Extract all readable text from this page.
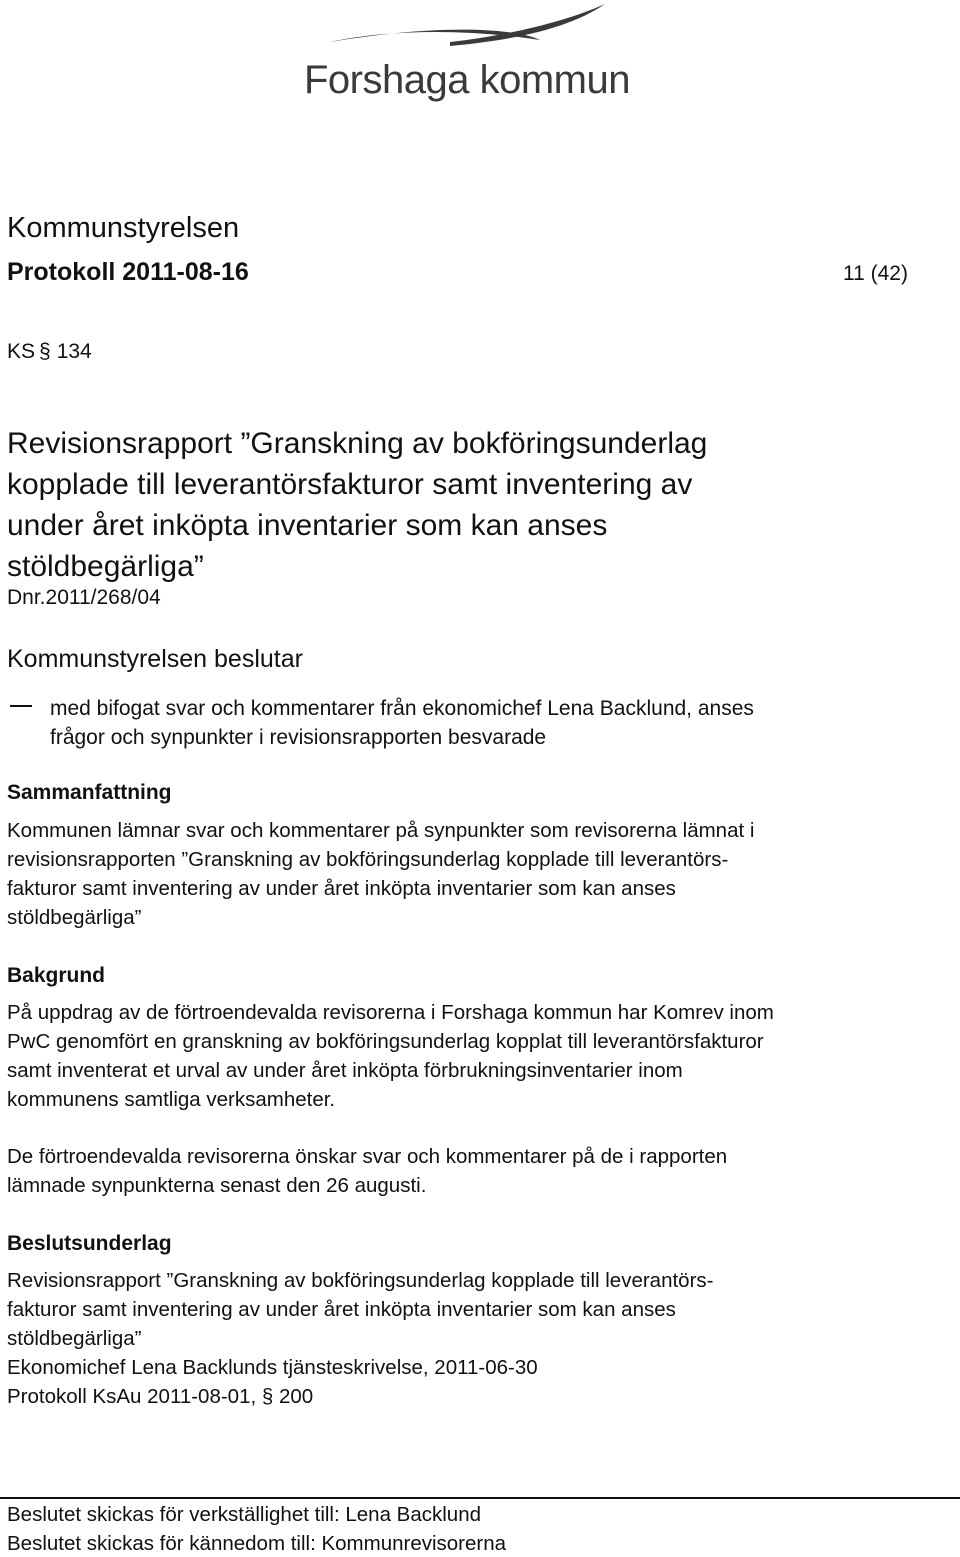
Forshaga kommun
Kommunstyrelsen
Protokoll 2011-08-16	11 (42)
KS § 134
Revisionsrapport ”Granskning av bokföringsunderlag
kopplade till leverantörsfakturor samt inventering av
under året inköpta inventarier som kan anses
stöldbegärliga”
Dnr.2011/268/04
Kommunstyrelsen beslutar
med bifogat svar och kommentarer från ekonomichef Lena Backlund, anses
frågor och synpunkter i revisionsrapporten besvarade
Sammanfattning
Kommunen lämnar svar och kommentarer på synpunkter som revisorerna lämnat i
revisionsrapporten ”Granskning av bokföringsunderlag kopplade till leverantörs-
fakturor samt inventering av under året inköpta inventarier som kan anses
stöldbegärliga”
Bakgrund
På uppdrag av de förtroendevalda revisorerna i Forshaga kommun har Komrev inom
PwC genomfört en granskning av bokföringsunderlag kopplat till leverantörsfakturor
samt inventerat et urval av under året inköpta förbrukningsinventarier inom
kommunens samtliga verksamheter.
De förtroendevalda revisorerna önskar svar och kommentarer på de i rapporten
lämnade synpunkterna senast den 26 augusti.
Beslutsunderlag
Revisionsrapport ”Granskning av bokföringsunderlag kopplade till leverantörs-
fakturor samt inventering av under året inköpta inventarier som kan anses
stöldbegärliga”
Ekonomichef Lena Backlunds tjänsteskrivelse, 2011-06-30
Protokoll KsAu 2011-08-01, § 200
Beslutet skickas för verkställighet till: Lena Backlund
Beslutet skickas för kännedom till: Kommunrevisorerna
